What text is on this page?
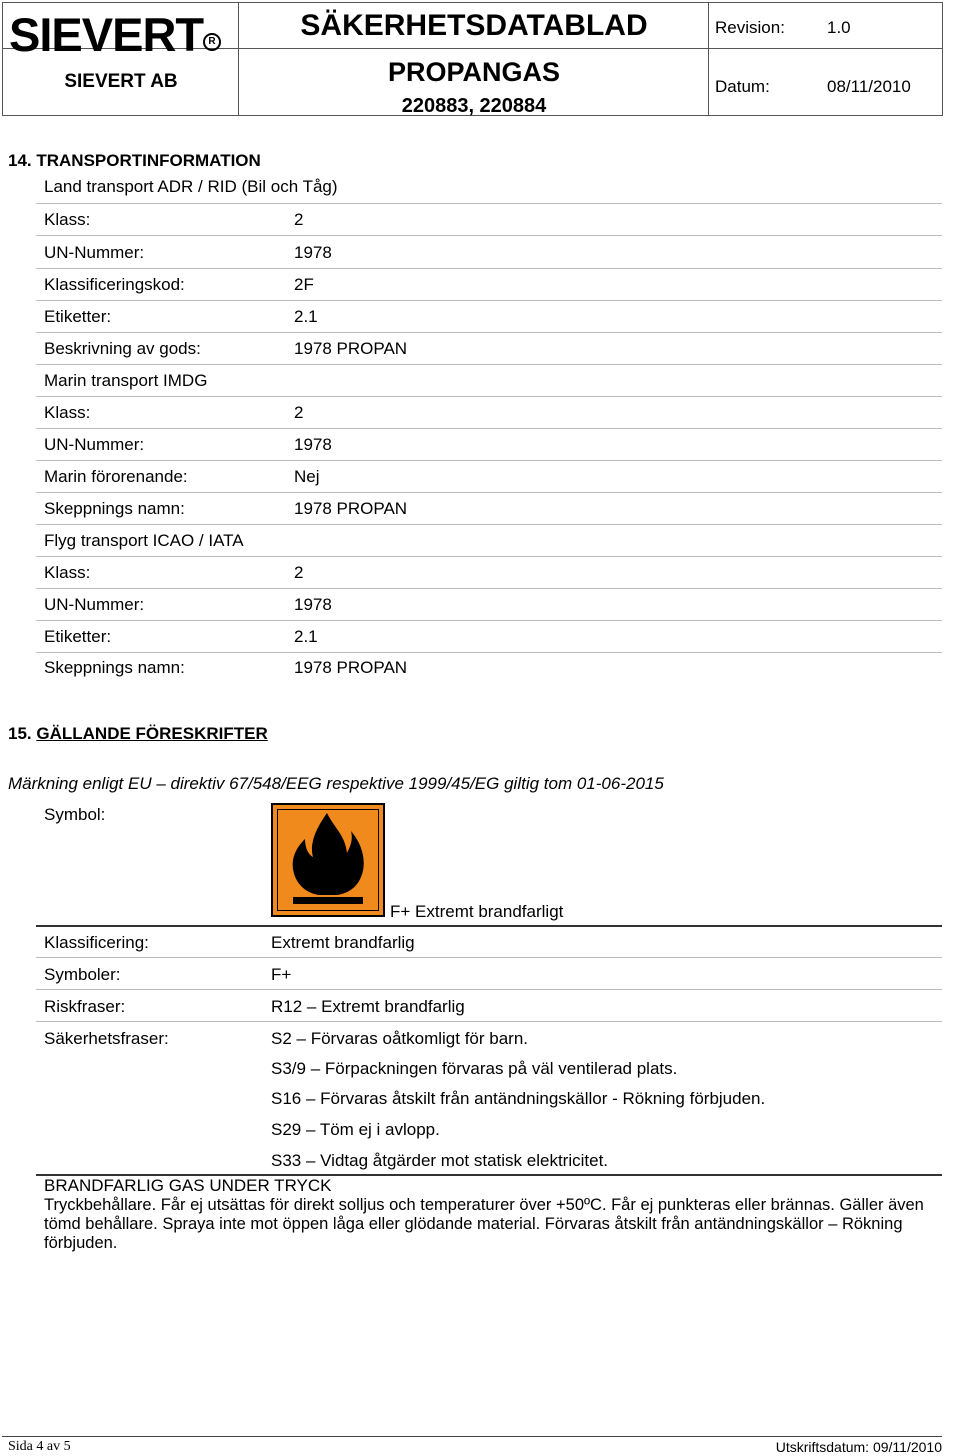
SIEVERT R
SIEVERT AB
SÄKERHETSDATABLAD
PROPANGAS
220883, 220884
Revision: 1.0
Datum:	08/11/2010
14. TRANSPORTINFORMATION
Land transport ADR / RID (Bil och Tåg)
Klass:	2
UN-Nummer:	1978
Klassificeringskod:	2F
Etiketter:	2.1
Beskrivning av gods:	1978 PROPAN
Marin transport IMDG
Klass:	2
UN-Nummer:	1978
Marin förorenande:	Nej
Skeppnings namn:	1978 PROPAN
Flyg transport ICAO / IATA
Klass:	2
UN-Nummer:	1978
Etiketter:	2.1
Skeppnings namn:	1978 PROPAN
15. GÄLLANDE FÖRESKRIFTER
Märkning enligt EU – direktiv 67/548/EEG respektive 1999/45/EG giltig tom 01-06-2015
Symbol:
F+ Extremt brandfarligt
Klassificering:	Extremt brandfarlig
Symboler:	F+
Riskfraser:	R12 – Extremt brandfarlig
Säkerhetsfraser:	S2 – Förvaras oåtkomligt för barn.
S3/9 – Förpackningen förvaras på väl ventilerad plats.
S16 – Förvaras åtskilt från antändningskällor - Rökning förbjuden.
S29 – Töm ej i avlopp.
S33 – Vidtag åtgärder mot statisk elektricitet.
BRANDFARLIG GAS UNDER TRYCK
Tryckbehållare. Får ej utsättas för direkt solljus och temperaturer över +50ºC. Får ej punkteras eller brännas. Gäller även tömd behållare. Spraya inte mot öppen låga eller glödande material. Förvaras åtskilt från antändningskällor – Rökning förbjuden.
Sida 4 av 5	Utskriftsdatum: 09/11/2010
